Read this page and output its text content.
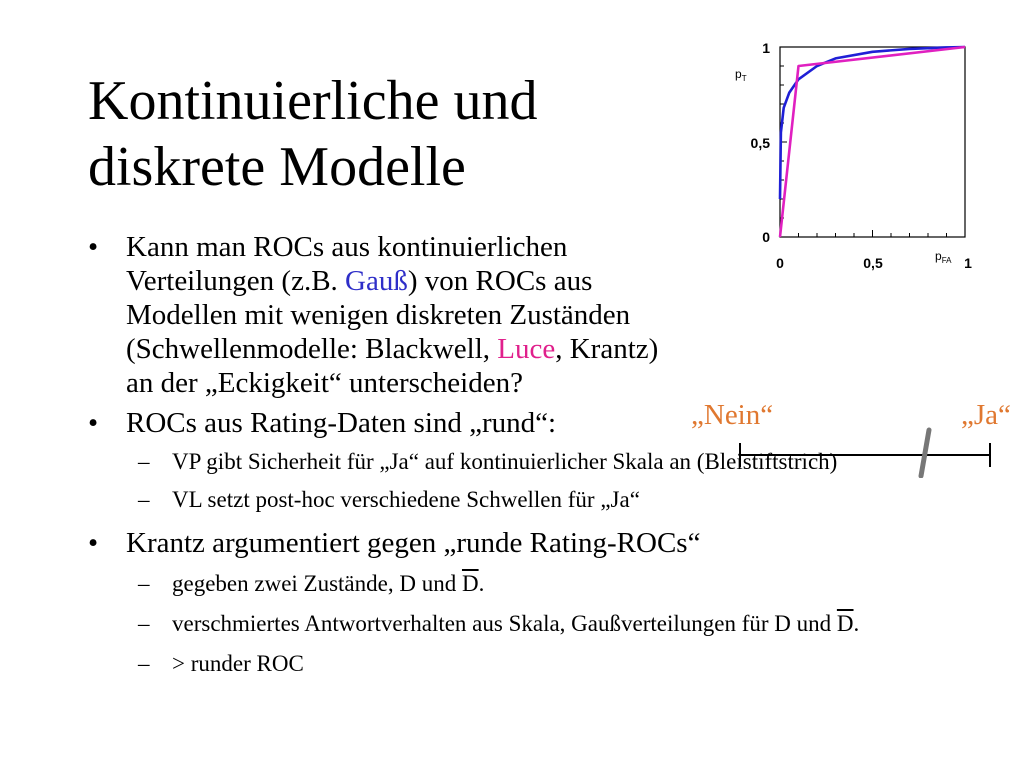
Kontinuierliche und
diskrete Modelle
1
0,5
0
0	0,5	1
$p_T$
$p_{FA}$
• Kann man ROCs aus kontinuierlichen
Verteilungen (z.B. Gauß) von ROCs aus
Modellen mit wenigen diskreten Zuständen
(Schwellenmodelle: Blackwell, Luce, Krantz)
an der „Eckigkeit“ unterscheiden?
• ROCs aus Rating-Daten sind „rund“:
– VP gibt Sicherheit für „Ja“ auf kontinuierlicher Skala an (Bleistiftstrich)
– VL setzt post-hoc verschiedene Schwellen für „Ja“
• Krantz argumentiert gegen „runde Rating-ROCs“
– gegeben zwei Zustände, D und $\overline{D}$.
– verschmiertes Antwortverhalten aus Skala, Gaußverteilungen für D und $\overline{D}$.
– > runder ROC
„Nein“	„Ja“
